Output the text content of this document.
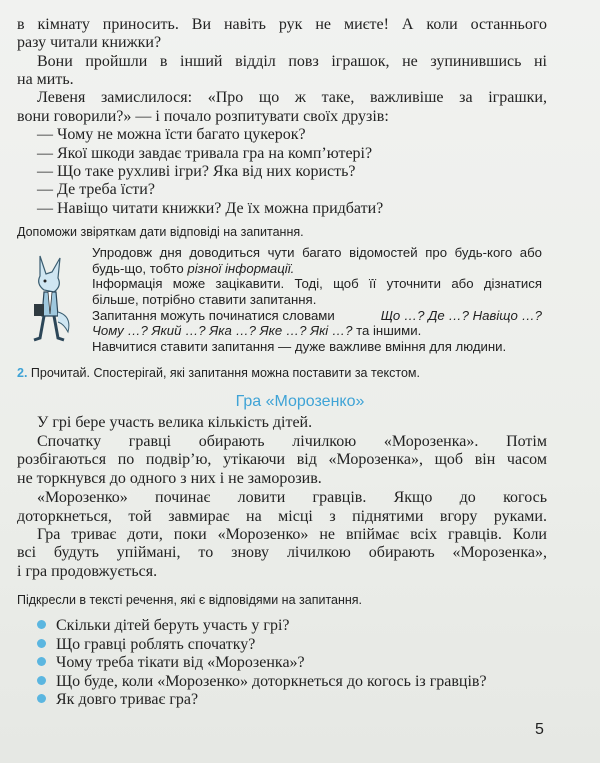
в кімнату приносить. Ви навіть рук не миєте! А коли останнього
разу читали книжки?
Вони пройшли в інший відділ повз іграшок, не зупинившись ні
на мить.
Левеня замислилося: «Про що ж таке, важливіше за іграшки,
вони говорили?» — і почало розпитувати своїх друзів:
— Чому не можна їсти багато цукерок?
— Якої шкоди завдає тривала гра на комп’ютері?
— Що таке рухливі ігри? Яка від них користь?
— Де треба їсти?
— Навіщо читати книжки? Де їх можна придбати?
Допоможи звіряткам дати відповіді на запитання.
Упродовж дня доводиться чути багато відомостей про будь-кого або
будь-що, тобто різної інформації.
Інформація може зацікавити. Тоді, щоб її уточнити або дізнатися
більше, потрібно ставити запитання.
Запитання можуть починатися словами	Що …? Де …? Навіщо …?
Чому …? Який …? Яка …? Яке …? Які …? та іншими.
Навчитися ставити запитання — дуже важливе вміння для людини.
2. Прочитай. Спостерігай, які запитання можна поставити за текстом.
Гра «Морозенко»
У грі бере участь велика кількість дітей.
Спочатку гравці обирають лічилкою «Морозенка». Потім
розбігаються по подвір’ю, утікаючи від «Морозенка», щоб він часом
не торкнувся до одного з них і не заморозив.
«Морозенко» починає ловити гравців. Якщо до когось
доторкнеться, той завмирає на місці з піднятими вгору руками.
Гра триває доти, поки «Морозенко» не впіймає всіх гравців. Коли
всі будуть упіймані, то знову лічилкою обирають «Морозенка»,
і гра продовжується.
Підкресли в тексті речення, які є відповідями на запитання.
Скільки дітей беруть участь у грі?
Що гравці роблять спочатку?
Чому треба тікати від «Морозенка»?
Що буде, коли «Морозенко» доторкнеться до когось із гравців?
Як довго триває гра?
5
